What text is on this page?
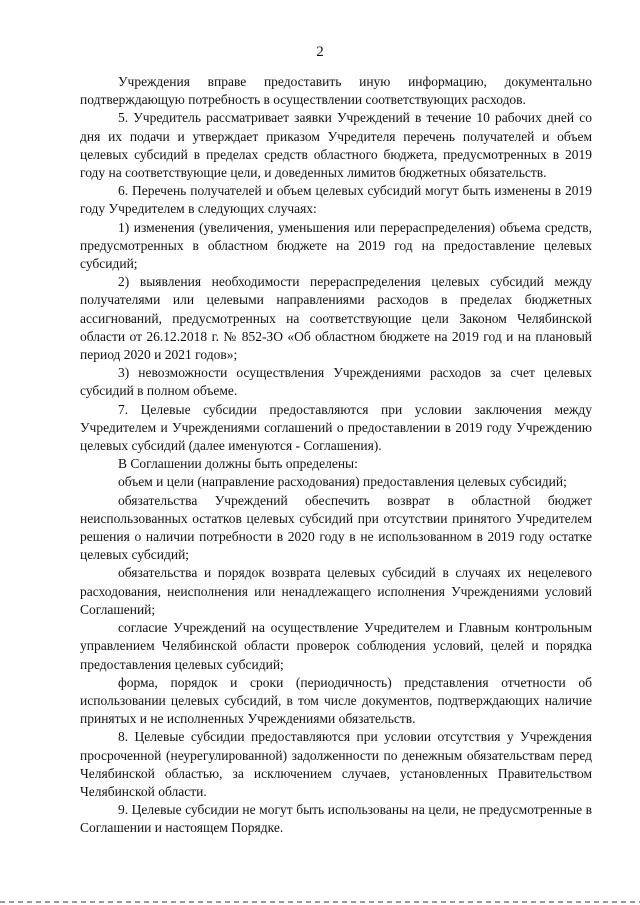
2

Учреждения вправе предоставить иную информацию, документально подтверждающую потребность в осуществлении соответствующих расходов.

5. Учредитель рассматривает заявки Учреждений в течение 10 рабочих дней со дня их подачи и утверждает приказом Учредителя перечень получателей и объем целевых субсидий в пределах средств областного бюджета, предусмотренных в 2019 году на соответствующие цели, и доведенных лимитов бюджетных обязательств.

6. Перечень получателей и объем целевых субсидий могут быть изменены в 2019 году Учредителем в следующих случаях:

1) изменения (увеличения, уменьшения или перераспределения) объема средств, предусмотренных в областном бюджете на 2019 год на предоставление целевых субсидий;

2) выявления необходимости перераспределения целевых субсидий между получателями или целевыми направлениями расходов в пределах бюджетных ассигнований, предусмотренных на соответствующие цели Законом Челябинской области от 26.12.2018 г. № 852-ЗО «Об областном бюджете на 2019 год и на плановый период 2020 и 2021 годов»;

3) невозможности осуществления Учреждениями расходов за счет целевых субсидий в полном объеме.

7. Целевые субсидии предоставляются при условии заключения между Учредителем и Учреждениями соглашений о предоставлении в 2019 году Учреждению целевых субсидий (далее именуются - Соглашения).

В Соглашении должны быть определены:

объем и цели (направление расходования) предоставления целевых субсидий;

обязательства Учреждений обеспечить возврат в областной бюджет неиспользованных остатков целевых субсидий при отсутствии принятого Учредителем решения о наличии потребности в 2020 году в не использованном в 2019 году остатке целевых субсидий;

обязательства и порядок возврата целевых субсидий в случаях их нецелевого расходования, неисполнения или ненадлежащего исполнения Учреждениями условий Соглашений;

согласие Учреждений на осуществление Учредителем и Главным контрольным управлением Челябинской области проверок соблюдения условий, целей и порядка предоставления целевых субсидий;

форма, порядок и сроки (периодичность) представления отчетности об использовании целевых субсидий, в том числе документов, подтверждающих наличие принятых и не исполненных Учреждениями обязательств.

8. Целевые субсидии предоставляются при условии отсутствия у Учреждения просроченной (неурегулированной) задолженности по денежным обязательствам перед Челябинской областью, за исключением случаев, установленных Правительством Челябинской области.

9. Целевые субсидии не могут быть использованы на цели, не предусмотренные в Соглашении и настоящем Порядке.
